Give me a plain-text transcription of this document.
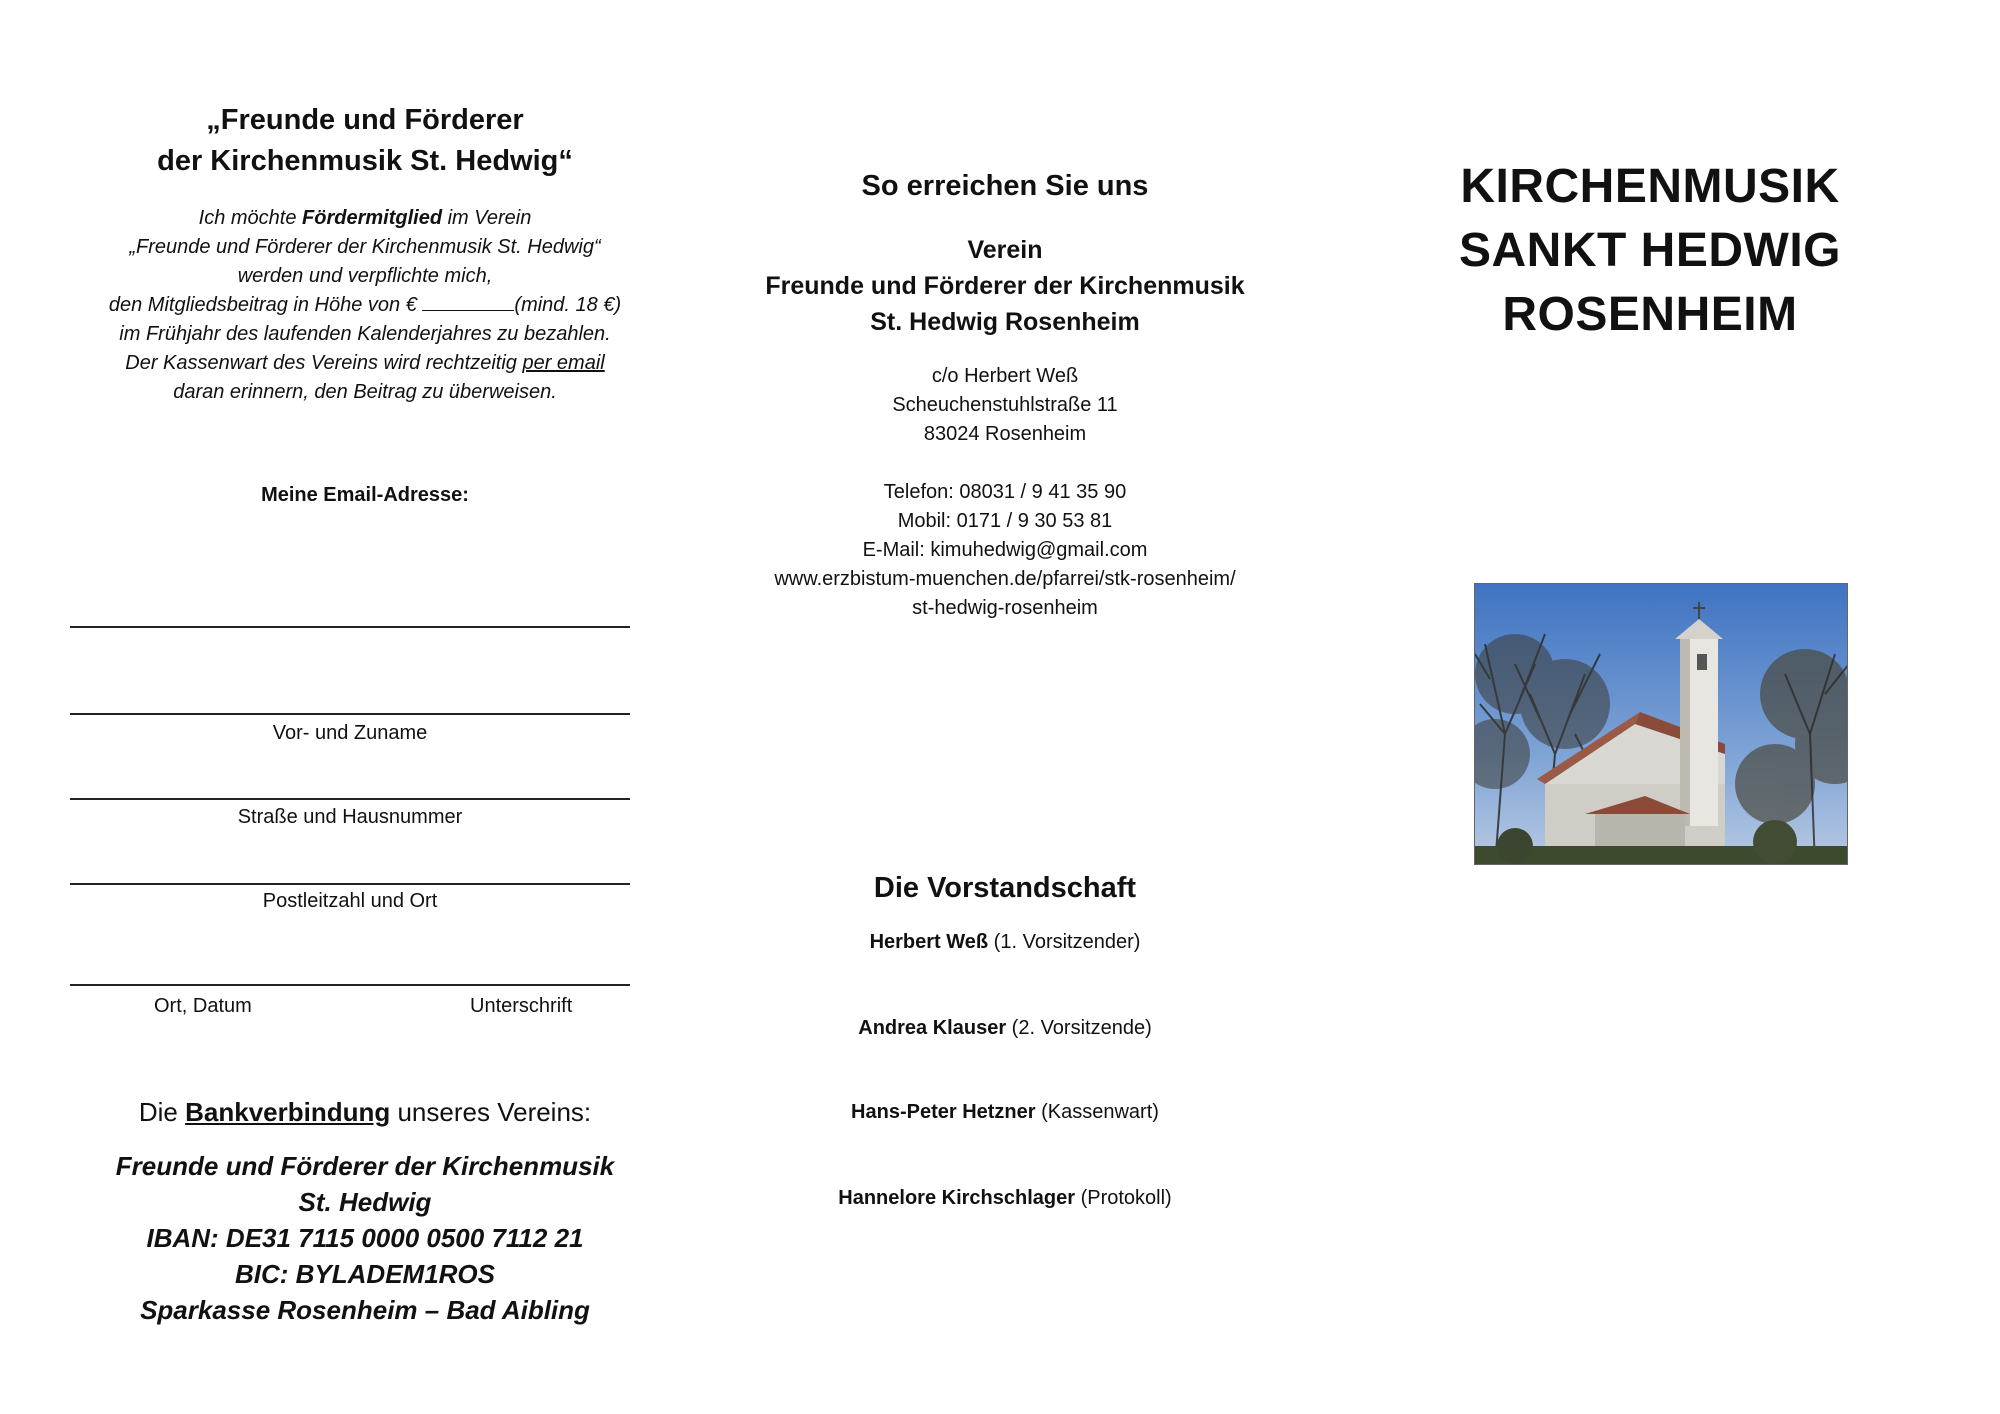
„Freunde und Förderer
der Kirchenmusik St. Hedwig“

Ich möchte Fördermitglied im Verein

„Freunde und Förderer der Kirchenmusik St. Hedwig“

werden und verpflichte mich,

den Mitgliedsbeitrag in Höhe von €	(mind. 18 €)

im Frühjahr des laufenden Kalenderjahres zu bezahlen.

Der Kassenwart des Vereins wird rechtzeitig per email

daran erinnern, den Beitrag zu überweisen.

Meine Email-Adresse:
Vor- und Zuname
Straße und Hausnummer
Postleitzahl und Ort
Ort, Datum	Unterschrift
Die Bankverbindung unseres Vereins:
Freunde und Förderer der Kirchenmusik
St. Hedwig
IBAN: DE31 7115 0000 0500 7112 21
BIC: BYLADEM1ROS
Sparkasse Rosenheim – Bad Aibling
So erreichen Sie uns
Verein
Freunde und Förderer der Kirchenmusik
St. Hedwig Rosenheim
c/o Herbert Weß
Scheuchenstuhlstraße 11
83024 Rosenheim
Telefon: 08031 / 9 41 35 90
Mobil: 0171 / 9 30 53 81
E-Mail: kimuhedwig@gmail.com
www.erzbistum-muenchen.de/pfarrei/stk-rosenheim/
st-hedwig-rosenheim
Die Vorstandschaft
Herbert Weß (1. Vorsitzender)
Andrea Klauser (2. Vorsitzende)
Hans-Peter Hetzner (Kassenwart)
Hannelore Kirchschlager (Protokoll)
KIRCHENMUSIK
SANKT HEDWIG
ROSENHEIM
